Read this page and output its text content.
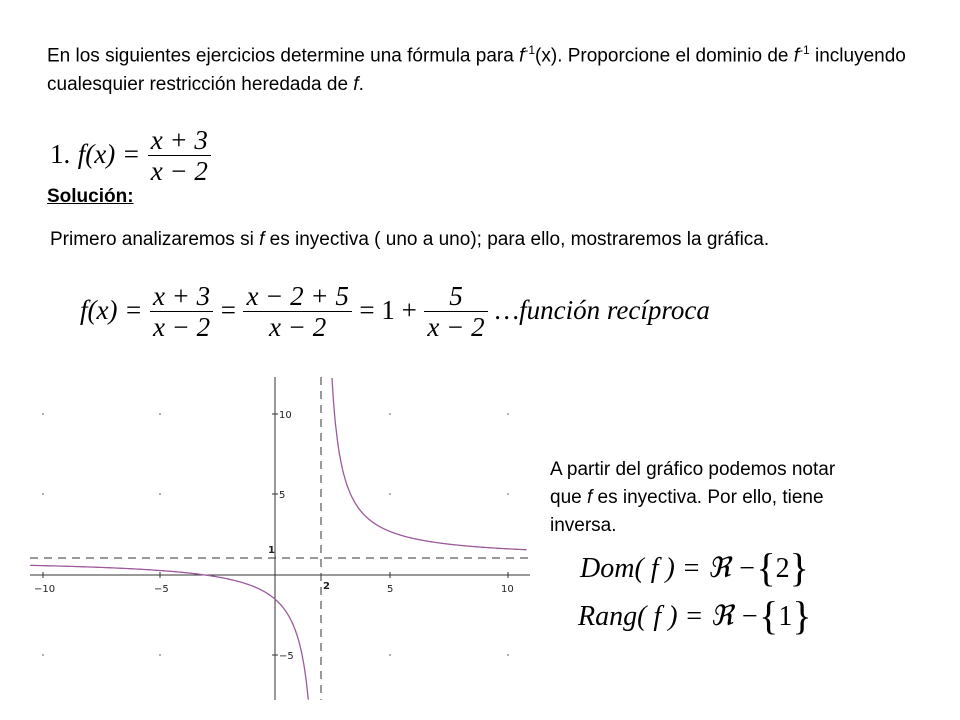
En los siguientes ejercicios determine una fórmula para $f^{-1}(x)$. Proporcione el dominio de $f^{-1}$ incluyendo cualesquier restricción heredada de f.
1. $f(x) = \frac{x + 3}{x - 2}$
Solución:
Primero analizaremos si f es inyectiva ( uno a uno); para ello, mostraremos la gráfica.
$f(x) = \frac{x + 3}{x - 2} = \frac{x - 2 + 5}{x - 2} = 1 + \frac{5}{x - 2}$ …función recíproca
−10	−5	5	10
10
5
−5
1
2
A partir del gráfico podemos notar que f es inyectiva. Por ello, tiene inversa.
Dom( f ) = ℜ −{2}
Rang( f ) = ℜ −{1}
